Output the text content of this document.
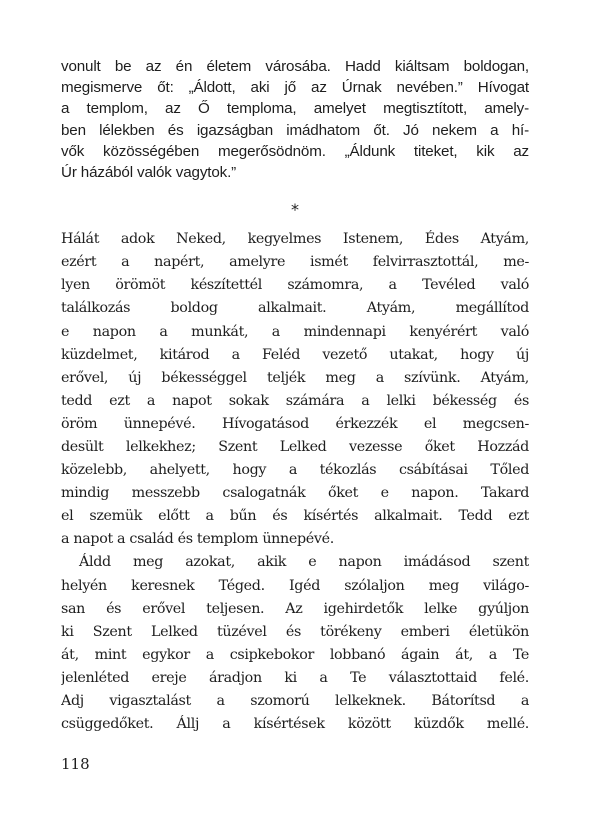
vonult be az én életem városába. Hadd kiáltsam boldogan,
megismerve őt: „Áldott, aki jő az Úrnak nevében.” Hívogat
a templom, az Ő temploma, amelyet megtisztított, amely-
ben lélekben és igazságban imádhatom őt. Jó nekem a hí-
vők közösségében megerősödnöm. „Áldunk titeket, kik az
Úr házából valók vagytok.”
*
Hálát adok Neked, kegyelmes Istenem, Édes Atyám,
ezért a napért, amelyre ismét felvirrasztottál, me-
lyen örömöt készítettél számomra, a Tevéled való
találkozás boldog alkalmait. Atyám, megállítod
e napon a munkát, a mindennapi kenyérért való
küzdelmet, kitárod a Feléd vezető utakat, hogy új
erővel, új békességgel teljék meg a szívünk. Atyám,
tedd ezt a napot sokak számára a lelki békesség és
öröm ünnepévé. Hívogatásod érkezzék el megcsen-
desült lelkekhez; Szent Lelked vezesse őket Hozzád
közelebb, ahelyett, hogy a tékozlás csábításai Tőled
mindig messzebb csalogatnák őket e napon. Takard
el szemük előtt a bűn és kísértés alkalmait. Tedd ezt
a napot a család és templom ünnepévé.
Áldd meg azokat, akik e napon imádásod szent
helyén keresnek Téged. Igéd szólaljon meg világo-
san és erővel teljesen. Az igehirdetők lelke gyúljon
ki Szent Lelked tüzével és törékeny emberi életükön
át, mint egykor a csipkebokor lobbanó ágain át, a Te
jelenléted ereje áradjon ki a Te választottaid felé.
Adj vigasztalást a szomorú lelkeknek. Bátorítsd a
csüggedőket. Állj a kísértések között küzdők mellé.
118
